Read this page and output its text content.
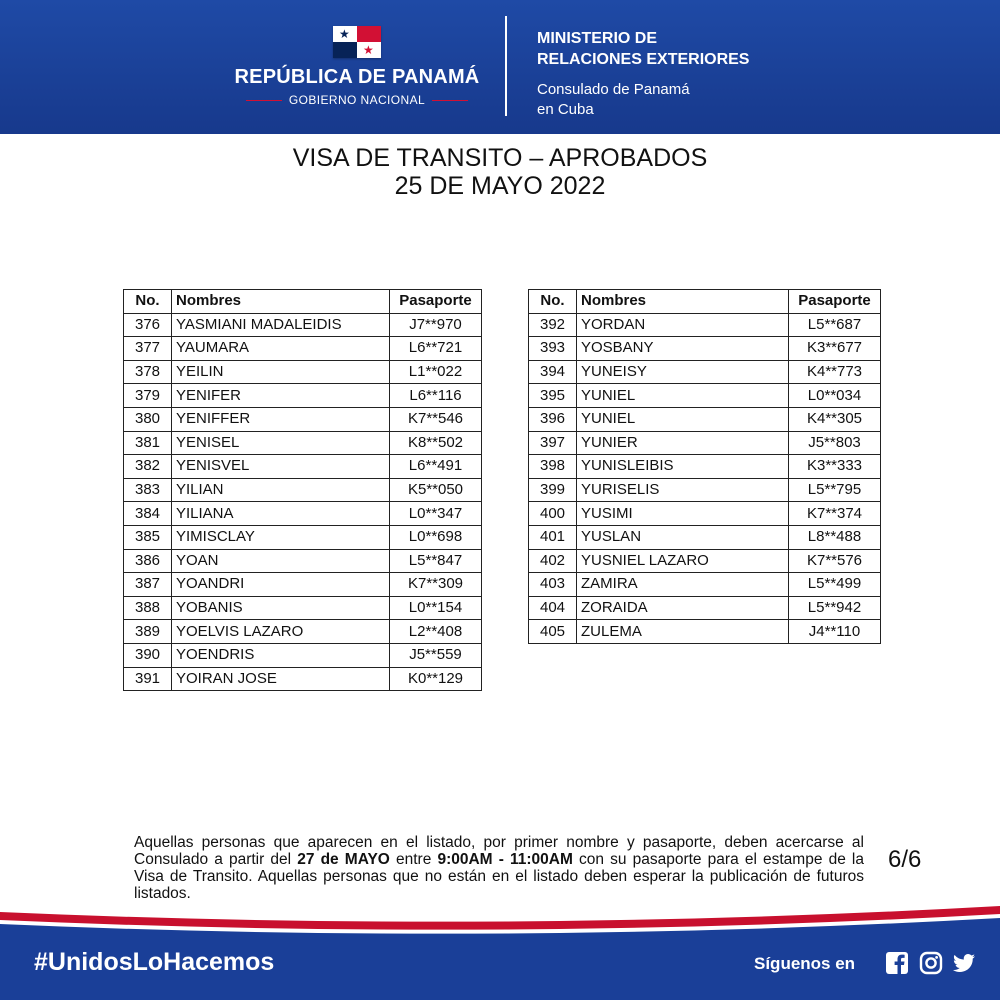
★
★
REPÚBLICA DE PANAMÁ
GOBIERNO NACIONAL
MINISTERIO DE
RELACIONES EXTERIORES
Consulado de Panamá
en Cuba
VISA DE TRANSITO – APROBADOS
25 DE MAYO 2022
No.	Nombres	Pasaporte
376	YASMIANI MADALEIDIS	J7**970
377	YAUMARA	L6**721
378	YEILIN	L1**022
379	YENIFER	L6**116
380	YENIFFER	K7**546
381	YENISEL	K8**502
382	YENISVEL	L6**491
383	YILIAN	K5**050
384	YILIANA	L0**347
385	YIMISCLAY	L0**698
386	YOAN	L5**847
387	YOANDRI	K7**309
388	YOBANIS	L0**154
389	YOELVIS LAZARO	L2**408
390	YOENDRIS	J5**559
391	YOIRAN JOSE	K0**129
No.	Nombres	Pasaporte
392	YORDAN	L5**687
393	YOSBANY	K3**677
394	YUNEISY	K4**773
395	YUNIEL	L0**034
396	YUNIEL	K4**305
397	YUNIER	J5**803
398	YUNISLEIBIS	K3**333
399	YURISELIS	L5**795
400	YUSIMI	K7**374
401	YUSLAN	L8**488
402	YUSNIEL LAZARO	K7**576
403	ZAMIRA	L5**499
404	ZORAIDA	L5**942
405	ZULEMA	J4**110
Aquellas personas que aparecen en el listado, por primer nombre y pasaporte, deben acercarse al Consulado a partir del 27 de MAYO entre 9:00AM - 11:00AM con su pasaporte para el estampe de la Visa de Transito. Aquellas personas que no están en el listado deben esperar la publicación de futuros listados.
6/6
#UnidosLoHacemos	Síguenos en
